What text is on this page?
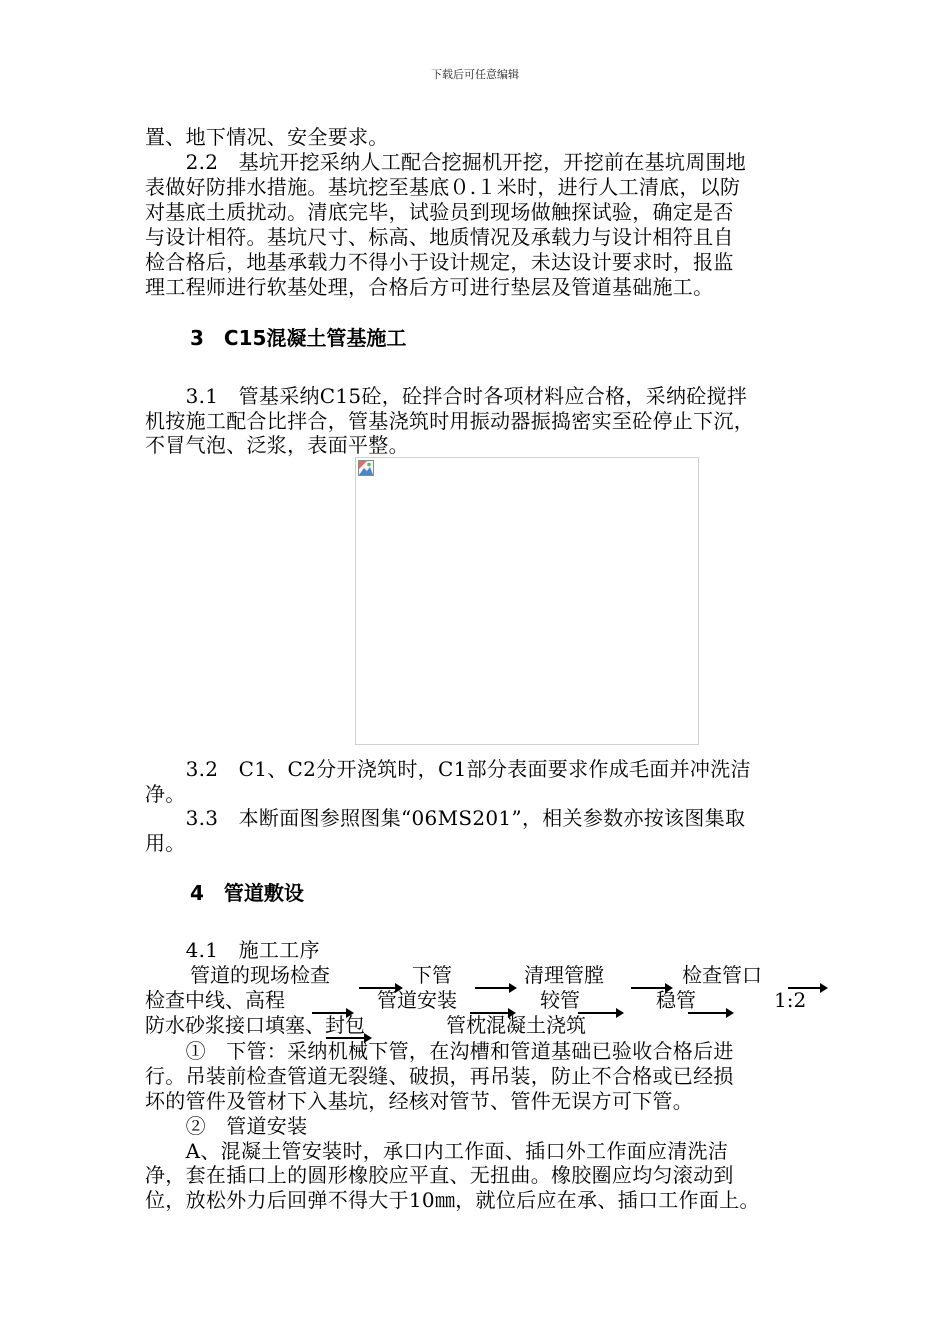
下载后可任意编辑
置、地下情况、安全要求。
　　2.2　基坑开挖采纳人工配合挖掘机开挖，开挖前在基坑周围地
表做好防排水措施。基坑挖至基底０.１米时，进行人工清底，以防
对基底土质扰动。清底完毕，试验员到现场做触探试验，确定是否
与设计相符。基坑尺寸、标高、地质情况及承载力与设计相符且自
检合格后，地基承载力不得小于设计规定，未达设计要求时，报监
理工程师进行软基处理，合格后方可进行垫层及管道基础施工。
3　C15混凝土管基施工
　　3.1　管基采纳C15砼，砼拌合时各项材料应合格，采纳砼搅拌
机按施工配合比拌合，管基浇筑时用振动器振捣密实至砼停止下沉，
不冒气泡、泛浆，表面平整。
　　3.2　C1、C2分开浇筑时，C1部分表面要求作成毛面并冲洗洁
净。
　　3.3　本断面图参照图集“06MS201”，相关参数亦按该图集取
用。
4　管道敷设
　　4.1　施工工序
管道的现场检查	下管	清理管膛	检查管口
检查中线、高程	管道安装	较管	稳管	1:2
防水砂浆接口填塞、封包	管枕混凝土浇筑
　　①　下管：采纳机械下管，在沟槽和管道基础已验收合格后进
行。吊装前检查管道无裂缝、破损，再吊装，防止不合格或已经损
坏的管件及管材下入基坑，经核对管节、管件无误方可下管。
　　②　管道安装
　　A、混凝土管安装时，承口内工作面、插口外工作面应清洗洁
净，套在插口上的圆形橡胶应平直、无扭曲。橡胶圈应均匀滚动到
位，放松外力后回弹不得大于10㎜，就位后应在承、插口工作面上。
